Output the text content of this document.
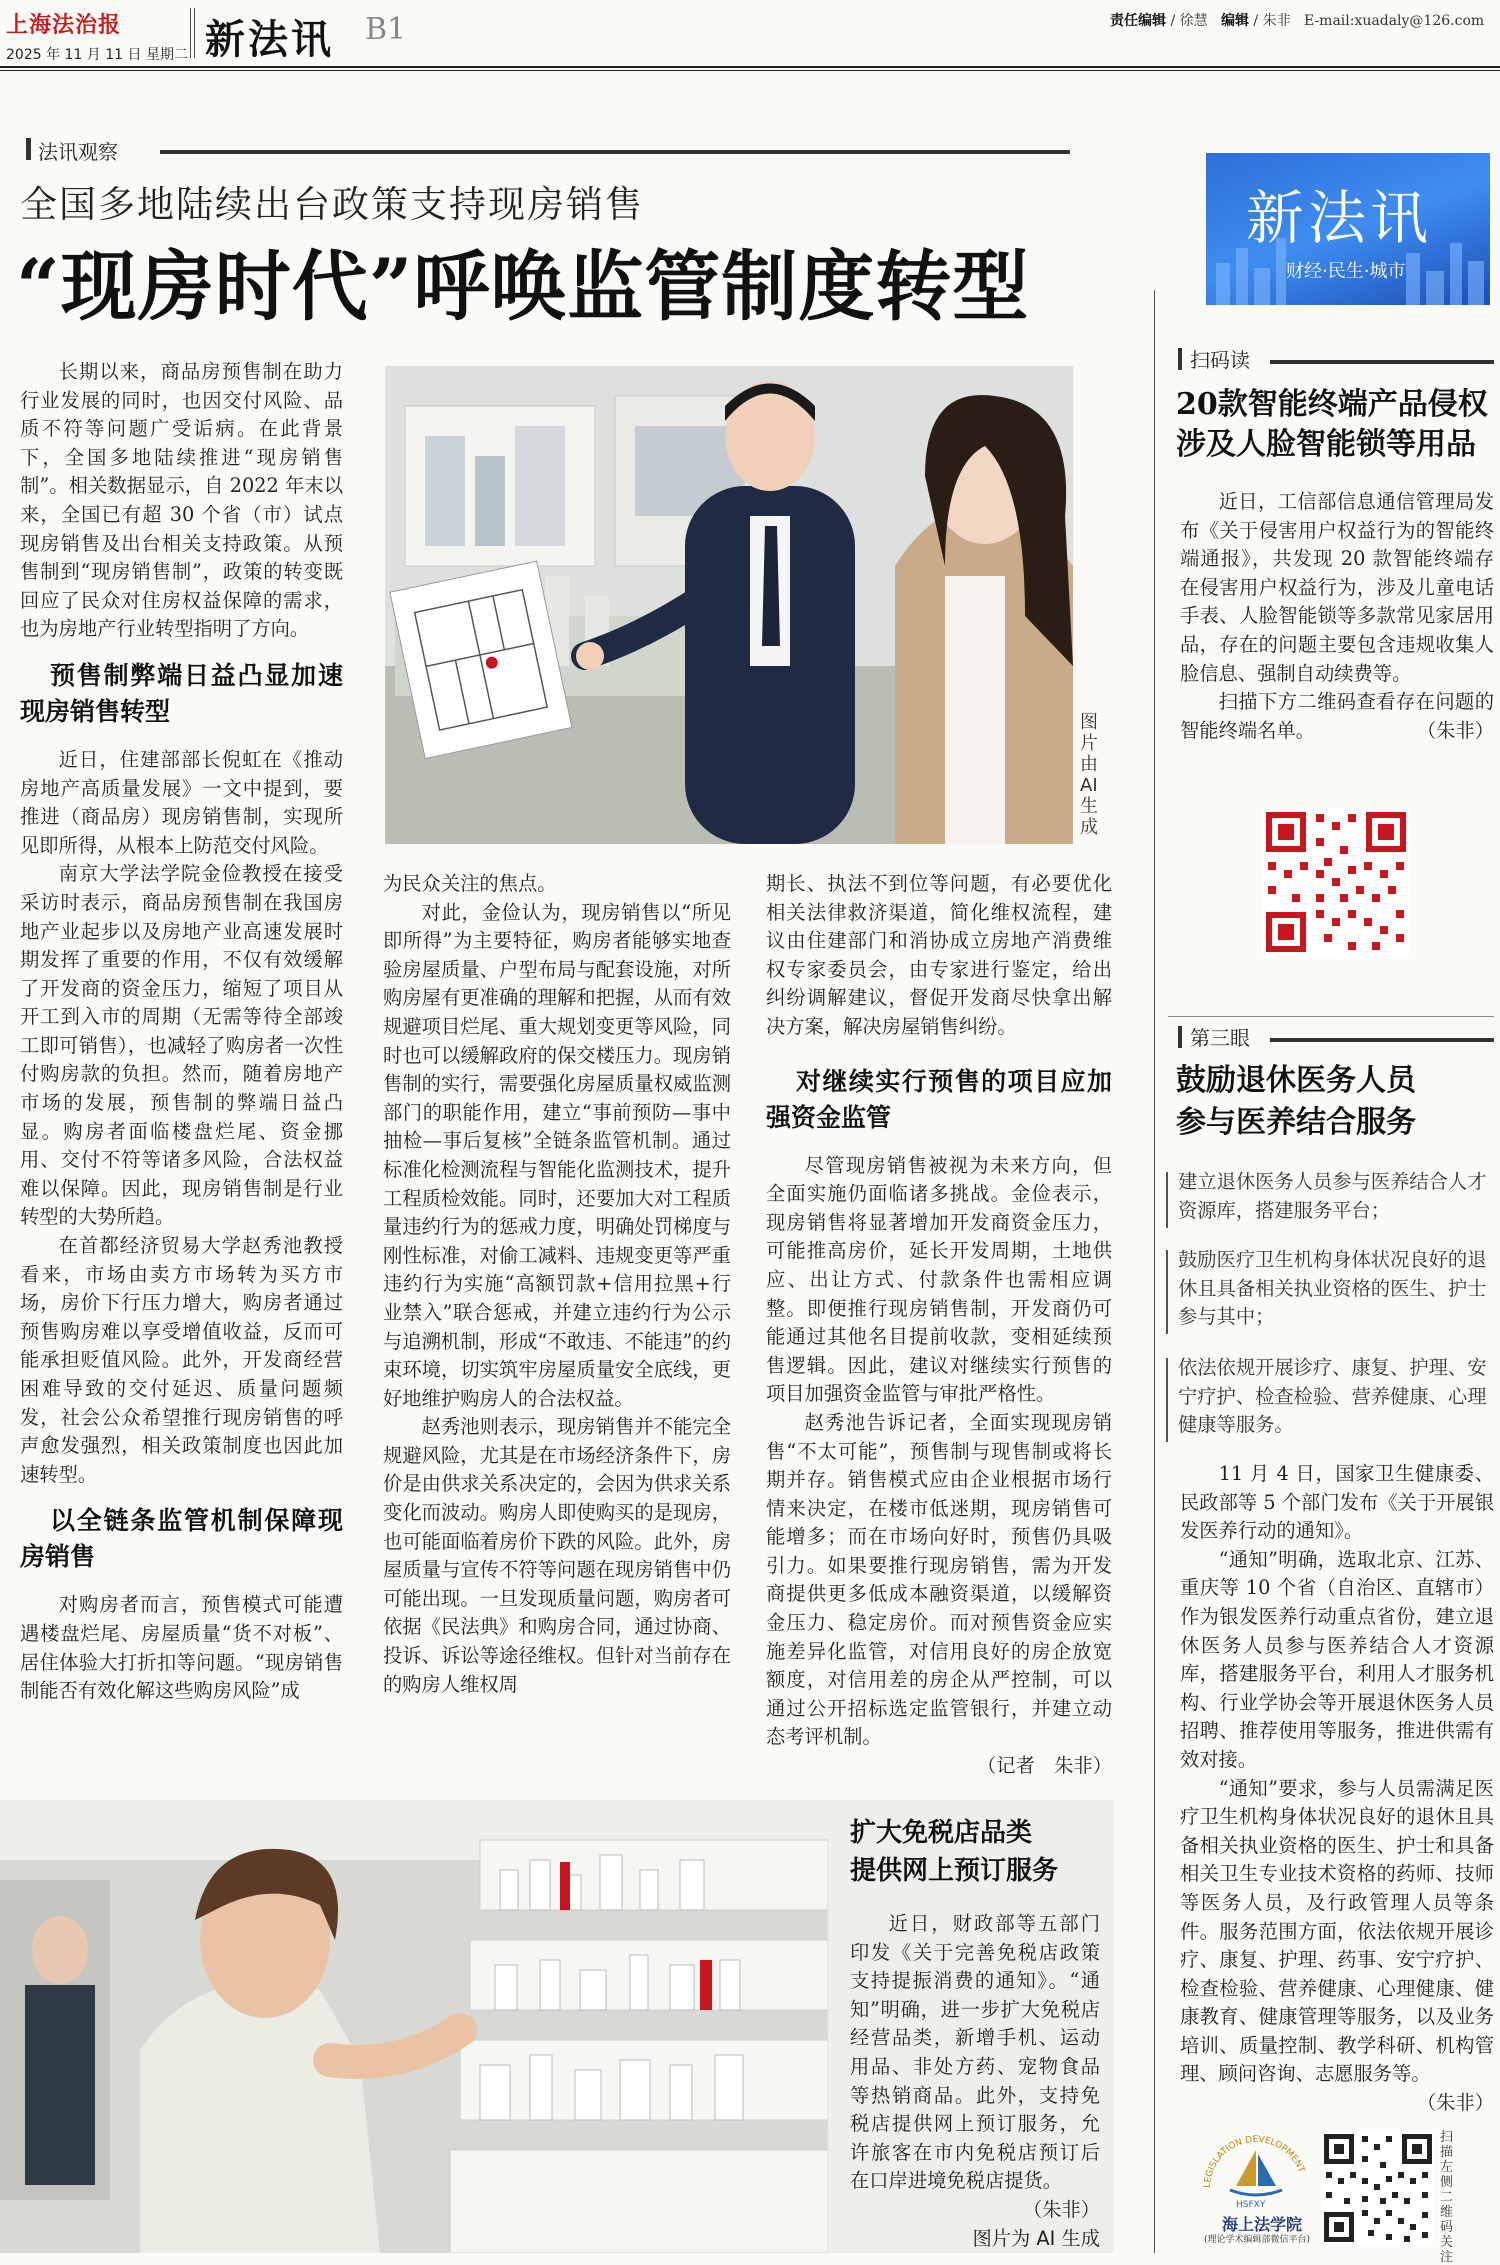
上海法治报
2025 年 11 月 11 日 星期二 新法讯 B1	责任编辑 / 徐慧 编辑 / 朱非 E-mail:xuadaly@126.com
法讯观察
全国多地陆续出台政策支持现房销售
“现房时代”呼唤监管制度转型

长期以来，商品房预售制在助力行业发展的同时，也因交付风险、品质不符等问题广受诟病。在此背景下，全国多地陆续推进“现房销售制”。相关数据显示，自 2022 年末以来，全国已有超 30 个省（市）试点现房销售及出台相关支持政策。从预售制到“现房销售制”，政策的转变既回应了民众对住房权益保障的需求，也为房地产行业转型指明了方向。

预售制弊端日益凸显加速现房销售转型

近日，住建部部长倪虹在《推动房地产高质量发展》一文中提到，要推进（商品房）现房销售制，实现所见即所得，从根本上防范交付风险。

南京大学法学院金俭教授在接受采访时表示，商品房预售制在我国房地产业起步以及房地产业高速发展时期发挥了重要的作用，不仅有效缓解了开发商的资金压力，缩短了项目从开工到入市的周期（无需等待全部竣工即可销售），也减轻了购房者一次性付购房款的负担。然而，随着房地产市场的发展，预售制的弊端日益凸显。购房者面临楼盘烂尾、资金挪用、交付不符等诸多风险，合法权益难以保障。因此，现房销售制是行业转型的大势所趋。

在首都经济贸易大学赵秀池教授看来，市场由卖方市场转为买方市场，房价下行压力增大，购房者通过预售购房难以享受增值收益，反而可能承担贬值风险。此外，开发商经营困难导致的交付延迟、质量问题频发，社会公众希望推行现房销售的呼声愈发强烈，相关政策制度也因此加速转型。

以全链条监管机制保障现房销售

对购房者而言，预售模式可能遭遇楼盘烂尾、房屋质量“货不对板”、居住体验大打折扣等问题。“现房销售制能否有效化解这些购房风险”成

图片由AI生成

为民众关注的焦点。

对此，金俭认为，现房销售以“所见即所得”为主要特征，购房者能够实地查验房屋质量、户型布局与配套设施，对所购房屋有更准确的理解和把握，从而有效规避项目烂尾、重大规划变更等风险，同时也可以缓解政府的保交楼压力。现房销售制的实行，需要强化房屋质量权威监测部门的职能作用，建立“事前预防—事中抽检—事后复核”全链条监管机制。通过标准化检测流程与智能化监测技术，提升工程质检效能。同时，还要加大对工程质量违约行为的惩戒力度，明确处罚梯度与刚性标准，对偷工减料、违规变更等严重违约行为实施“高额罚款+信用拉黑+行业禁入”联合惩戒，并建立违约行为公示与追溯机制，形成“不敢违、不能违”的约束环境，切实筑牢房屋质量安全底线，更好地维护购房人的合法权益。

赵秀池则表示，现房销售并不能完全规避风险，尤其是在市场经济条件下，房价是由供求关系决定的，会因为供求关系变化而波动。购房人即使购买的是现房，也可能面临着房价下跌的风险。此外，房屋质量与宣传不符等问题在现房销售中仍可能出现。一旦发现质量问题，购房者可依据《民法典》和购房合同，通过协商、投诉、诉讼等途径维权。但针对当前存在的购房人维权周

期长、执法不到位等问题，有必要优化相关法律救济渠道，简化维权流程，建议由住建部门和消协成立房地产消费维权专家委员会，由专家进行鉴定，给出纠纷调解建议，督促开发商尽快拿出解决方案，解决房屋销售纠纷。

对继续实行预售的项目应加强资金监管

尽管现房销售被视为未来方向，但全面实施仍面临诸多挑战。金俭表示，现房销售将显著增加开发商资金压力，可能推高房价，延长开发周期，土地供应、出让方式、付款条件也需相应调整。即便推行现房销售制，开发商仍可能通过其他名目提前收款，变相延续预售逻辑。因此，建议对继续实行预售的项目加强资金监管与审批严格性。

赵秀池告诉记者，全面实现现房销售“不太可能”，预售制与现售制或将长期并存。销售模式应由企业根据市场行情来决定，在楼市低迷期，现房销售可能增多；而在市场向好时，预售仍具吸引力。如果要推行现房销售，需为开发商提供更多低成本融资渠道，以缓解资金压力、稳定房价。而对预售资金应实施差异化监管，对信用良好的房企放宽额度，对信用差的房企从严控制，可以通过公开招标选定监管银行，并建立动态考评机制。

（记者　朱非）

扩大免税店品类
提供网上预订服务

近日，财政部等五部门印发《关于完善免税店政策支持提振消费的通知》。“通知”明确，进一步扩大免税店经营品类，新增手机、运动用品、非处方药、宠物食品等热销商品。此外，支持免税店提供网上预订服务，允许旅客在市内免税店预订后在口岸进境免税店提货。

（朱非）

图片为 AI 生成

新法讯
财经·民生·城市
扫码读
20款智能终端产品侵权
涉及人脸智能锁等用品

近日，工信部信息通信管理局发布《关于侵害用户权益行为的智能终端通报》，共发现 20 款智能终端存在侵害用户权益行为，涉及儿童电话手表、人脸智能锁等多款常见家居用品，存在的问题主要包含违规收集人脸信息、强制自动续费等。

扫描下方二维码查看存在问题的智能终端名单。	（朱非）

第三眼
鼓励退休医务人员
参与医养结合服务
建立退休医务人员参与医养结合人才资源库，搭建服务平台；
鼓励医疗卫生机构身体状况良好的退休且具备相关执业资格的医生、护士参与其中；
依法依规开展诊疗、康复、护理、安宁疗护、检查检验、营养健康、心理健康等服务。

11 月 4 日，国家卫生健康委、民政部等 5 个部门发布《关于开展银发医养行动的通知》。

“通知”明确，选取北京、江苏、重庆等 10 个省（自治区、直辖市）作为银发医养行动重点省份，建立退休医务人员参与医养结合人才资源库，搭建服务平台，利用人才服务机构、行业学协会等开展退休医务人员招聘、推荐使用等服务，推进供需有效对接。

“通知”要求，参与人员需满足医疗卫生机构身体状况良好的退休且具备相关执业资格的医生、护士和具备相关卫生专业技术资格的药师、技师等医务人员，及行政管理人员等条件。服务范围方面，依法依规开展诊疗、康复、护理、药事、安宁疗护、检查检验、营养健康、心理健康、健康教育、健康管理等服务，以及业务培训、质量控制、教学科研、机构管理、顾问咨询、志愿服务等。

（朱非）

LEGISLATION DEVELOPMENT
HSFXY
海上法学院
(理论学术编辑部微信平台)
扫描左侧二维码关注
